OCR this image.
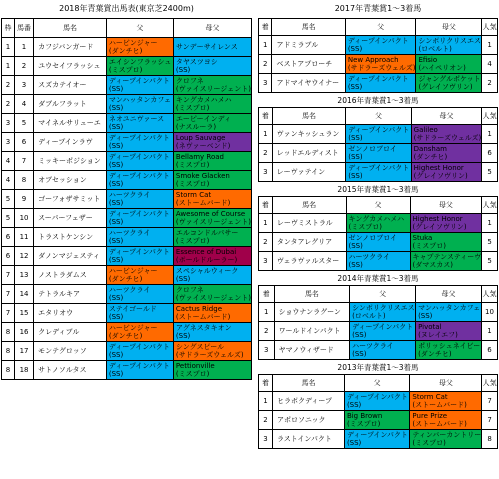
2018年青葉賞出馬表(東京芝2400m)
枠	馬番	馬名	父	母父
1	1	カフジバンガード	ハービンジャー
(ダンチヒ)	サンデーサイレンス

1	2	ユウセイフラッシュ	エイシンフラッシュ
(ミスプロ)	タヤスツヨシ
(SS)

2	3	スズカテイオー	ディープインパクト
(SS)	クロフネ
(ヴァイスリージェント)

2	4	ダブルフラット	マンハッタンカフェ
(SS)	キングカメハメハ
(ミスプロ)

3	5	マイネルサリューエ	ネオユニヴァース
(SS)	エーピーインディ
(ナスルーラ)

3	6	ディープインラヴ	ディープインパクト
(SS)	Loup Sauvage
(ネヴァーベンド)

4	7	ミッキーポジション	ディープインパクト
(SS)	Bellamy Road
(ミスプロ)

4	8	オブセッション	ディープインパクト
(SS)	Smoke Glacken
(ミスプロ)

5	9	ゴーフォザサミット	ハーツクライ
(SS)	Storm Cat
(ストームバード)

5	10	スーパーフェザー	ディープインパクト
(SS)	Awesome of Course
(ヴァイスリージェント)

6	11	トラストケンシン	ハーツクライ
(SS)	エルコンドルパサー
(ミスプロ)

6	12	ダノンマジェスティ	ディープインパクト
(SS)	Essence of Dubai
(ボールドルーラー)

7	13	ノストラダムス	ハービンジャー
(ダンチヒ)	スペシャルウィーク
(SS)

7	14	テトラルキア	ハーツクライ
(SS)	クロフネ
(ヴァイスリージェント)

7	15	エタリオウ	ステイゴールド
(SS)	Cactus Ridge
(ストームバード)

8	16	クレディブル	ハービンジャー
(ダンチヒ)	アグネスタキオン
(SS)

8	17	モンテグロッソ	ディープインパクト
(SS)	シングスピール
(サドラーズウェルズ)

8	18	サトノソルタス	ディープインパクト
(SS)	Pettionville
(ミスプロ)
2017年青葉賞1〜3着馬
着	馬名	父	母父	人気
1	アドミラブル	ディープインパクト
(SS)	シンボリクリスエス
(ロベルト)	1
2	ベストアプローチ	New Approach
(サドラーズウェルズ)	Efisio
(ハイペリオン)	4
3	アドマイヤウイナー	ディープインパクト
(SS)	ジャングルポケット
(グレイソヴリン)	2
2016年青葉賞1〜3着馬
着	馬名	父	母父	人気
1	ヴァンキッシュラン	ディープインパクト
(SS)	Galileo
(サドラーズウェルズ)	1
2	レッドエルディスト	ゼンノロブロイ
(SS)	Dansham
(ダンチヒ)	6
3	レーヴァテイン	ディープインパクト
(SS)	Highest Honor
(グレイソヴリン)	5
2015年青葉賞1〜3着馬
着	馬名	父	母父	人気
1	レーヴミストラル	キングカメハメハ
(ミスプロ)	Highest Honor
(グレイソヴリン)	1
2	タンタアレグリア	ゼンノロブロイ
(SS)	Stuka
(ミスプロ)	5
3	ヴェラヴァルスター	ハーツクライ
(SS)	キャプテンスティーヴ
(ダマスカス)	5
2014年青葉賞1〜3着馬
着	馬名	父	母父	人気
1	ショウナンラグーン	シンボリクリスエス
(ロベルト)	マンハッタンカフェ
(SS)	10
2	ワールドインパクト	ディープインパクト
(SS)	Pivotal
(ヌレイエフ)	1
3	ヤマノウィザード	ハーツクライ
(SS)	ポリッシュネイビー
(ダンチヒ)	6
2013年青葉賞1〜3着馬
着	馬名	父	母父	人気
1	ヒラボクディープ	ディープインパクト
(SS)	Storm Cat
(ストームバード)	7
2	アポロソニック	Big Brown
(ミスプロ)	Pure Prize
(ストームバード)	7
3	ラストインパクト	ディープインパクト
(SS)	ティンバーカントリー
(ミスプロ)	8
